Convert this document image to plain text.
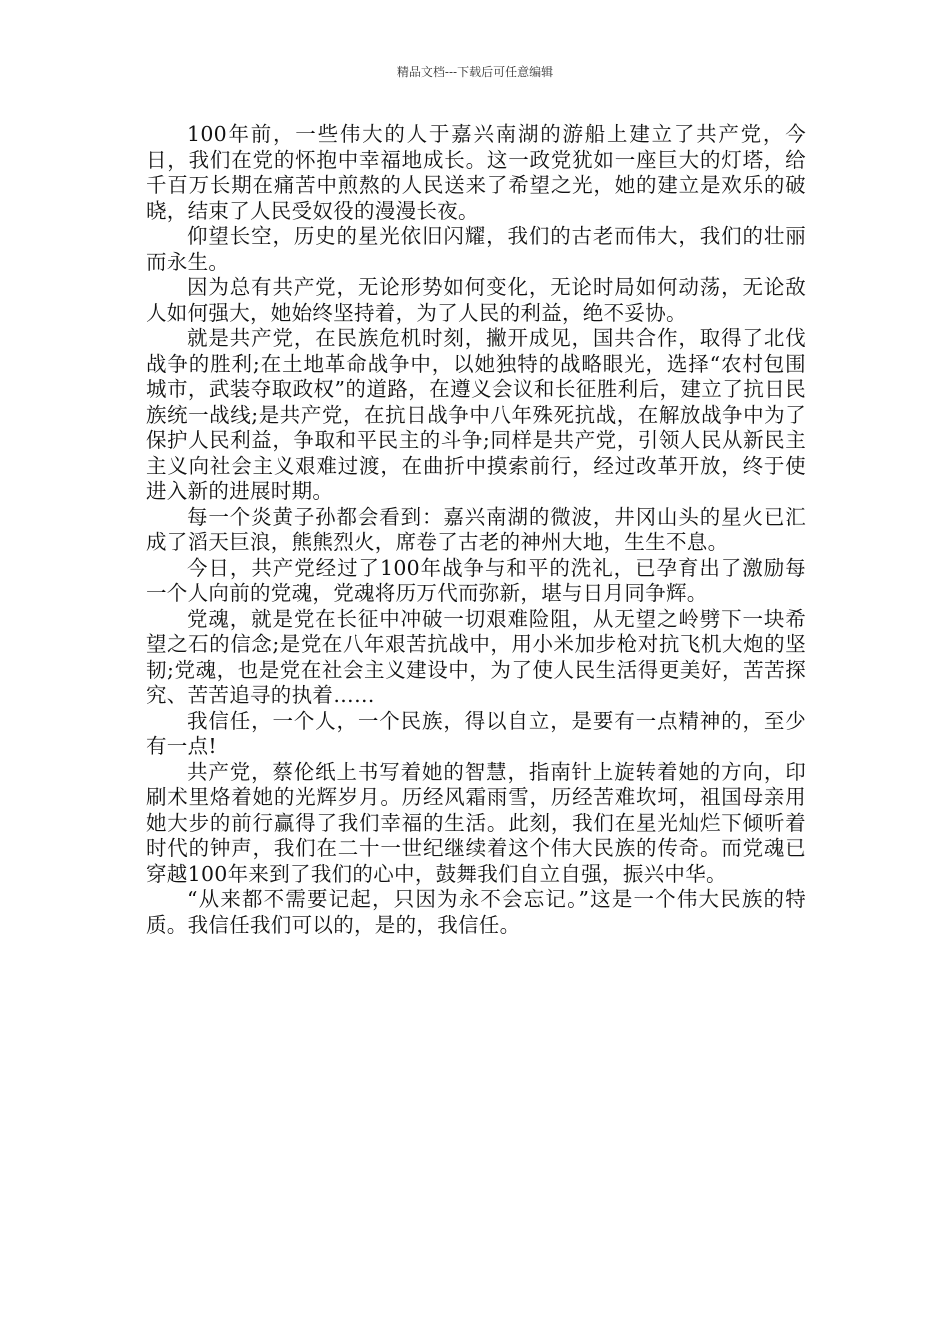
精品文档---下载后可任意编辑

100年前，一些伟大的人于嘉兴南湖的游船上建立了共产党，今日，我们在党的怀抱中幸福地成长。这一政党犹如一座巨大的灯塔，给千百万长期在痛苦中煎熬的人民送来了希望之光，她的建立是欢乐的破晓，结束了人民受奴役的漫漫长夜。

仰望长空，历史的星光依旧闪耀，我们的古老而伟大，我们的壮丽而永生。

因为总有共产党，无论形势如何变化，无论时局如何动荡，无论敌人如何强大，她始终坚持着，为了人民的利益，绝不妥协。

就是共产党，在民族危机时刻，撇开成见，国共合作，取得了北伐战争的胜利;在土地革命战争中，以她独特的战略眼光，选择“农村包围城市，武装夺取政权”的道路，在遵义会议和长征胜利后，建立了抗日民族统一战线;是共产党，在抗日战争中八年殊死抗战，在解放战争中为了保护人民利益，争取和平民主的斗争;同样是共产党，引领人民从新民主主义向社会主义艰难过渡，在曲折中摸索前行，经过改革开放，终于使进入新的进展时期。

每一个炎黄子孙都会看到：嘉兴南湖的微波，井冈山头的星火已汇成了滔天巨浪，熊熊烈火，席卷了古老的神州大地，生生不息。

今日，共产党经过了100年战争与和平的洗礼，已孕育出了激励每一个人向前的党魂，党魂将历万代而弥新，堪与日月同争辉。

党魂，就是党在长征中冲破一切艰难险阻，从无望之岭劈下一块希望之石的信念;是党在八年艰苦抗战中，用小米加步枪对抗飞机大炮的坚韧;党魂，也是党在社会主义建设中，为了使人民生活得更美好，苦苦探究、苦苦追寻的执着……

我信任，一个人，一个民族，得以自立，是要有一点精神的，至少有一点!

共产党，蔡伦纸上书写着她的智慧，指南针上旋转着她的方向，印刷术里烙着她的光辉岁月。历经风霜雨雪，历经苦难坎坷，祖国母亲用她大步的前行赢得了我们幸福的生活。此刻，我们在星光灿烂下倾听着时代的钟声，我们在二十一世纪继续着这个伟大民族的传奇。而党魂已穿越100年来到了我们的心中，鼓舞我们自立自强，振兴中华。

“从来都不需要记起，只因为永不会忘记。”这是一个伟大民族的特质。我信任我们可以的，是的，我信任。
